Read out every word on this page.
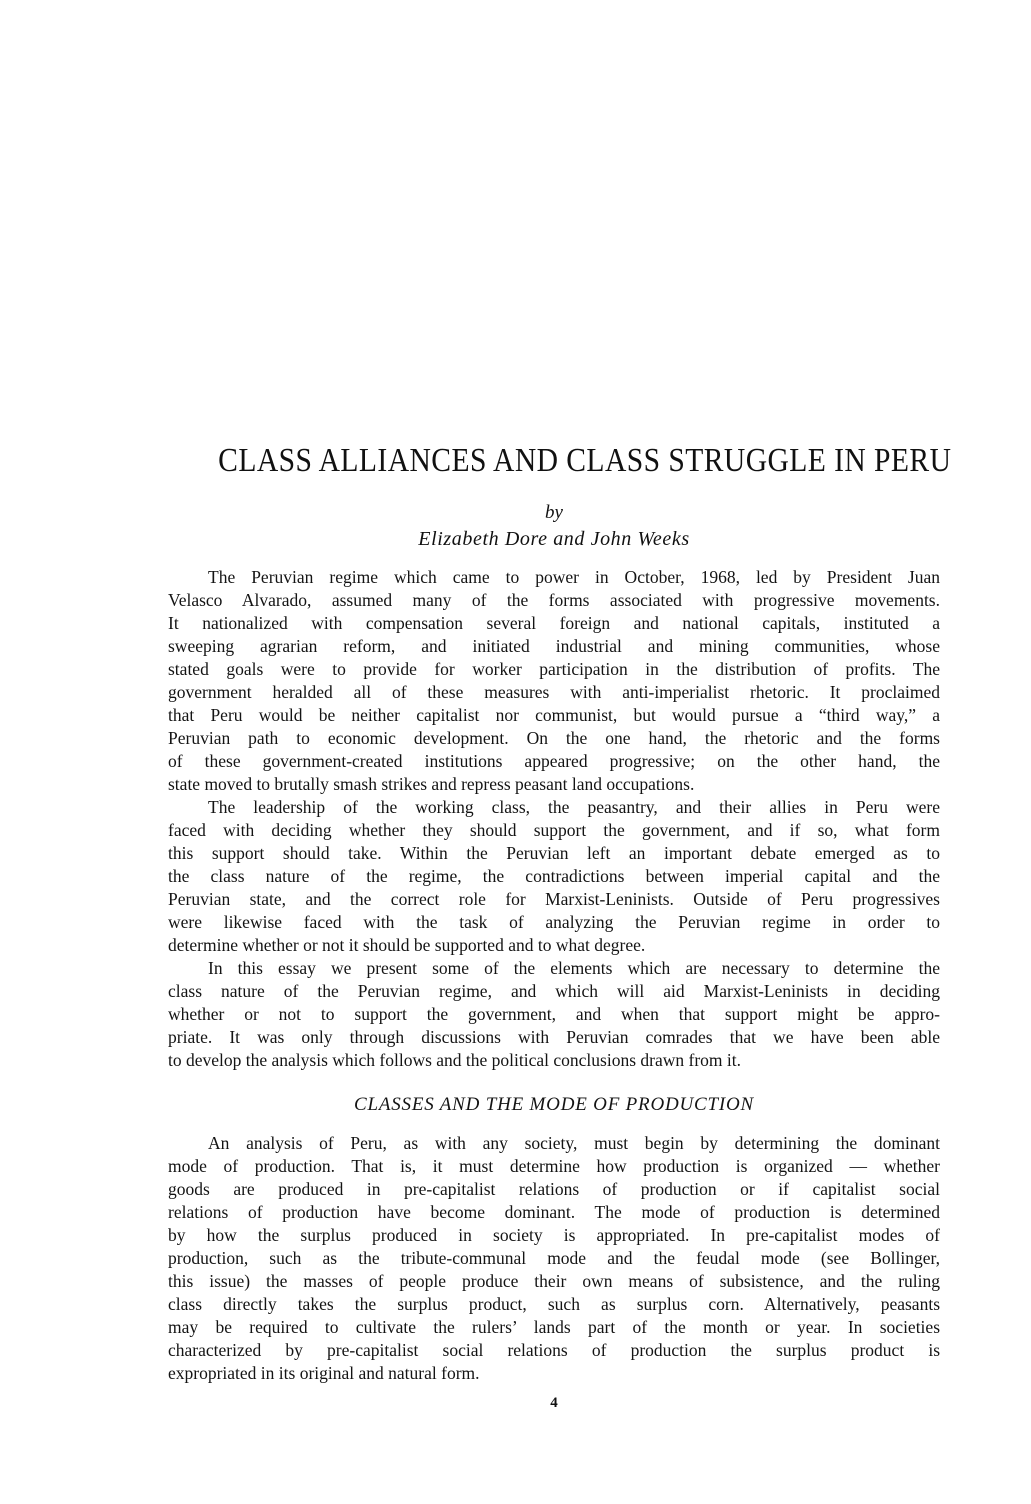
CLASS ALLIANCES AND CLASS STRUGGLE IN PERU
by
Elizabeth Dore and John Weeks
The Peruvian regime which came to power in October, 1968, led by President Juan
Velasco Alvarado, assumed many of the forms associated with progressive movements.
It nationalized with compensation several foreign and national capitals, instituted a
sweeping agrarian reform, and initiated industrial and mining communities, whose
stated goals were to provide for worker participation in the distribution of profits. The
government heralded all of these measures with anti-imperialist rhetoric. It proclaimed
that Peru would be neither capitalist nor communist, but would pursue a “third way,” a
Peruvian path to economic development. On the one hand, the rhetoric and the forms
of these government-created institutions appeared progressive; on the other hand, the
state moved to brutally smash strikes and repress peasant land occupations.
The leadership of the working class, the peasantry, and their allies in Peru were
faced with deciding whether they should support the government, and if so, what form
this support should take. Within the Peruvian left an important debate emerged as to
the class nature of the regime, the contradictions between imperial capital and the
Peruvian state, and the correct role for Marxist-Leninists. Outside of Peru progressives
were likewise faced with the task of analyzing the Peruvian regime in order to
determine whether or not it should be supported and to what degree.
In this essay we present some of the elements which are necessary to determine the
class nature of the Peruvian regime, and which will aid Marxist-Leninists in deciding
whether or not to support the government, and when that support might be appro-
priate. It was only through discussions with Peruvian comrades that we have been able
to develop the analysis which follows and the political conclusions drawn from it.
CLASSES AND THE MODE OF PRODUCTION
An analysis of Peru, as with any society, must begin by determining the dominant
mode of production. That is, it must determine how production is organized — whether
goods are produced in pre-capitalist relations of production or if capitalist social
relations of production have become dominant. The mode of production is determined
by how the surplus produced in society is appropriated. In pre-capitalist modes of
production, such as the tribute-communal mode and the feudal mode (see Bollinger,
this issue) the masses of people produce their own means of subsistence, and the ruling
class directly takes the surplus product, such as surplus corn. Alternatively, peasants
may be required to cultivate the rulers’ lands part of the month or year. In societies
characterized by pre-capitalist social relations of production the surplus product is
expropriated in its original and natural form.
4
